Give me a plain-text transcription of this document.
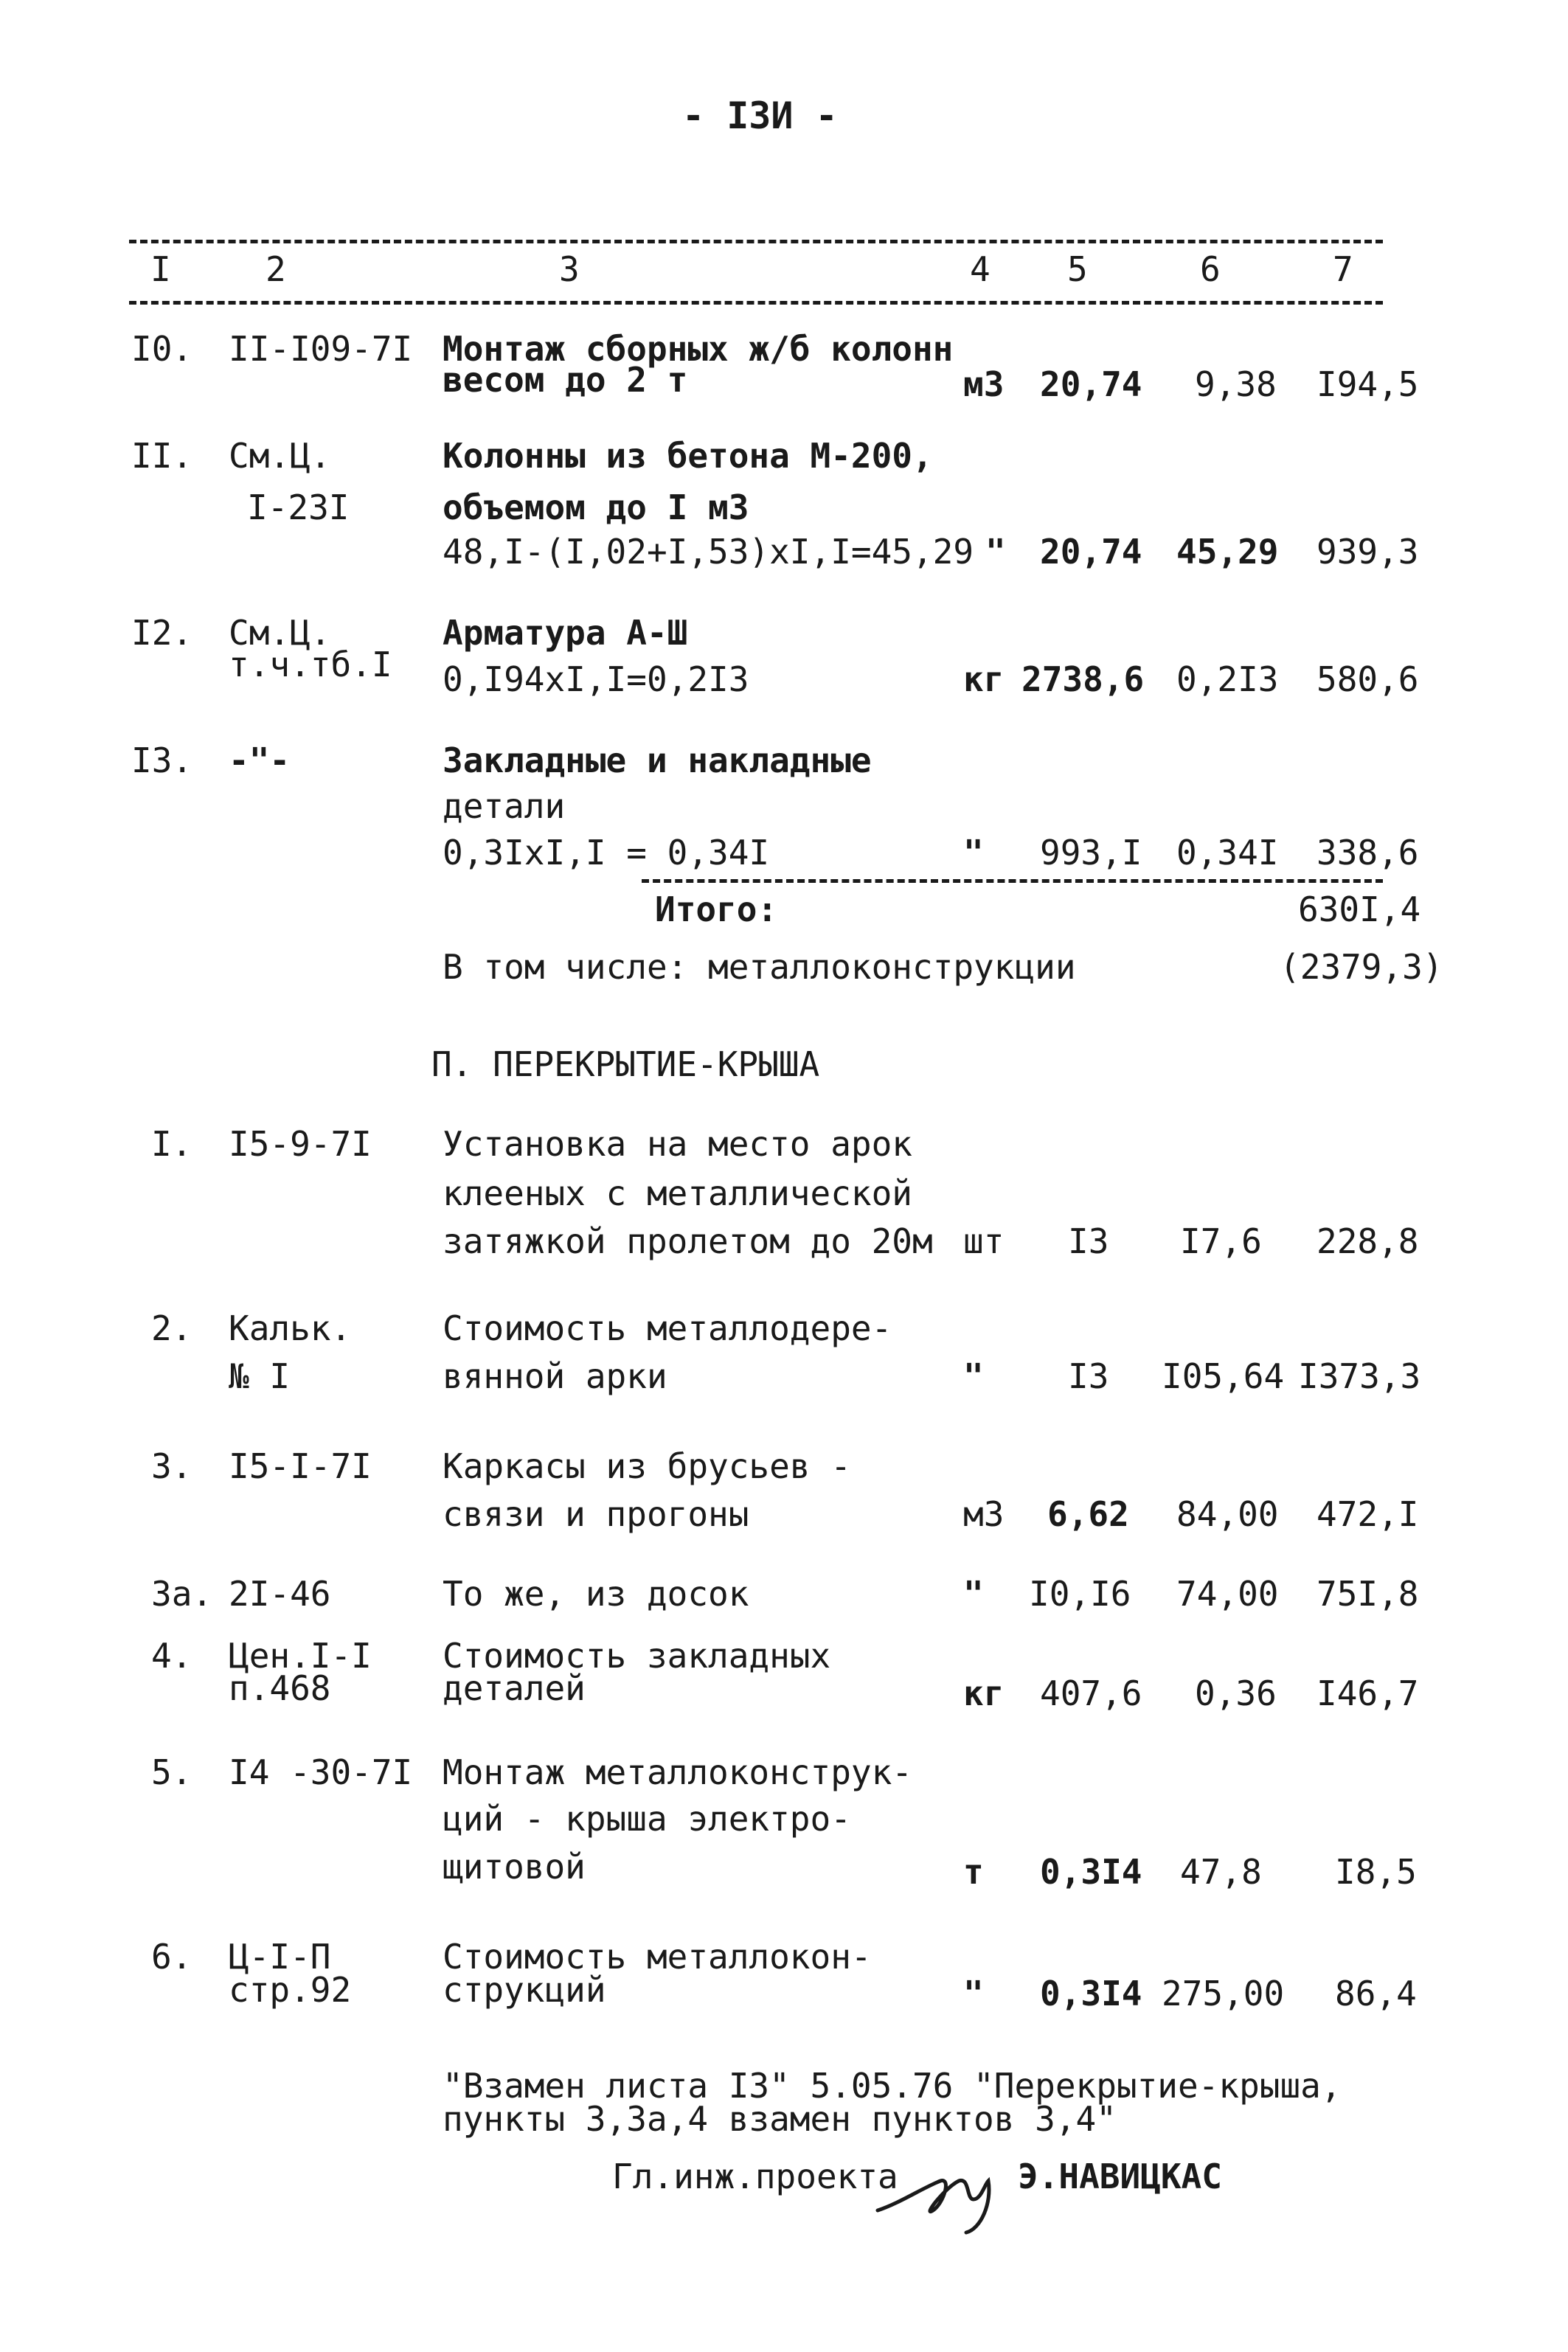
- I3И -
I	2	3	4 5	6	7
I0. II-I09-7I Монтаж сборных ж/б колонн
весом до 2 т	м3 20,74 9,38 I94,5
II. См.Ц.
I-23I
Колонны из бетона М-200,
объемом до I м3
48,I-(I,02+I,53)xI,I=45,29 " 20,74 45,29 939,3
I2. См.Ц.
т.ч.тб.I
Арматура А-Ш
0,I94xI,I=0,2I3	кг 2738,6 0,2I3 580,6
I3. -"-	Закладные и накладные
детали
0,3IxI,I = 0,34I	" 993,I 0,34I 338,6
Итого:	630I,4
В том числе: металлоконструкции	(2379,3)
П. ПЕРЕКРЫТИЕ-КРЫША
I. I5-9-7I Установка на место арок
клееных с металлической
затяжкой пролетом до 20м шт I3 I7,6 228,8
2. Кальк.
№ I
Стоимость металлодере-
вянной арки	" I3 I05,64 I373,3
3. I5-I-7I Каркасы из брусьев -
связи и прогоны	м3 6,62 84,00 472,I
3а. 2I-46	То же, из досок	" I0,I6 74,00 75I,8
4. Цен.I-I
п.468
Стоимость закладных
деталей	кг 407,6 0,36 I46,7
5. I4 -30-7I Монтаж металлоконструк-
ций - крыша электро-
щитовой	т 0,3I4 47,8 I8,5
6. Ц-I-П
стр.92
Стоимость металлокон-
струкций	" 0,3I4 275,00 86,4
"Взамен листа I3" 5.05.76 "Перекрытие-крыша,
пункты 3,3а,4 взамен пунктов 3,4"
Гл.инж.проекта

	Э.НАВИЦКАС
